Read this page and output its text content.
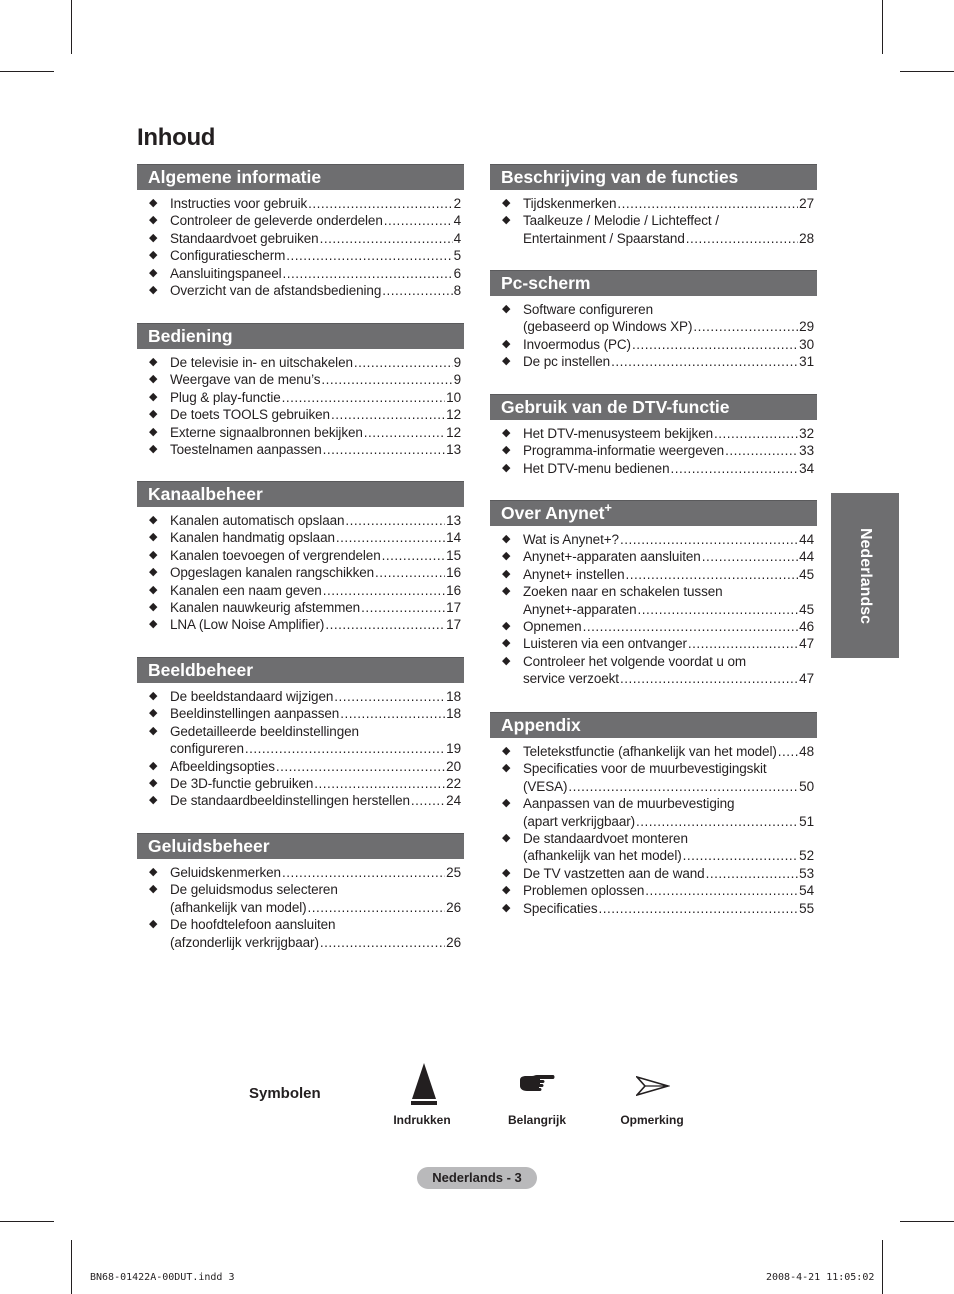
Inhoud
Algemene informatie
◆ Instructies voor gebruik .....	2
◆ Controleer de geleverde onderdelen .....	4
◆ Standaardvoet gebruiken .....	4
◆ Configuratiescherm .....	5
◆ Aansluitingspaneel .....	6
◆ Overzicht van de afstandsbediening .....	8
Bediening
◆ De televisie in- en uitschakelen .....	9
◆ Weergave van de menu’s .....	9
◆ Plug & play-functie .....	10
◆ De toets TOOLS gebruiken .....	12
◆ Externe signaalbronnen bekijken .....	12
◆ Toestelnamen aanpassen .....	13
Kanaalbeheer
◆ Kanalen automatisch opslaan .....	13
◆ Kanalen handmatig opslaan .....	14
◆ Kanalen toevoegen of vergrendelen .....	15
◆ Opgeslagen kanalen rangschikken .....	16
◆ Kanalen een naam geven .....	16
◆ Kanalen nauwkeurig afstemmen .....	17
◆ LNA (Low Noise Amplifier) .....	17
Beeldbeheer
◆ De beeldstandaard wijzigen .....	18
◆ Beeldinstellingen aanpassen .....	18
◆ Gedetailleerde beeldinstellingen
configureren .....	19
◆ Afbeeldingsopties .....	20
◆ De 3D-functie gebruiken .....	22
◆ De standaardbeeldinstellingen herstellen .....	24
Geluidsbeheer
◆ Geluidskenmerken .....	25
◆ De geluidsmodus selecteren
(afhankelijk van model) .....	26
◆ De hoofdtelefoon aansluiten
(afzonderlijk verkrijgbaar) .....	26
Beschrijving van de functies
◆ Tijdskenmerken .....	27
◆ Taalkeuze / Melodie / Lichteffect /
Entertainment / Spaarstand .....	28
Pc-scherm
◆ Software configureren
(gebaseerd op Windows XP) .....	29
◆ Invoermodus (PC) .....	30
◆ De pc instellen .....	31
Gebruik van de DTV-functie
◆ Het DTV-menusysteem bekijken .....	32
◆ Programma-informatie weergeven .....	33
◆ Het DTV-menu bedienen .....	34
Over Anynet+
◆ Wat is Anynet+? .....	44
◆ Anynet+-apparaten aansluiten .....	44
◆ Anynet+ instellen .....	45
◆ Zoeken naar en schakelen tussen
Anynet+-apparaten .....	45
◆ Opnemen .....	46
◆ Luisteren via een ontvanger .....	47
◆ Controleer het volgende voordat u om
service verzoekt .....	47
Appendix
◆ Teletekstfunctie (afhankelijk van het model) ..... 48
◆ Specificaties voor de muurbevestigingskit
(VESA) .....	50
◆ Aanpassen van de muurbevestiging
(apart verkrijgbaar) .....	51
◆ De standaardvoet monteren
(afhankelijk van het model) .....	52
◆ De TV vastzetten aan de wand .....	53
◆ Problemen oplossen .....	54
◆ Specificaties .....	55
Nederlandsc
Symbolen
Indrukken	Belangrijk	Opmerking
Nederlands - 3
BN68-01422A-00DUT.indd 3	2008-4-21 11:05:02
